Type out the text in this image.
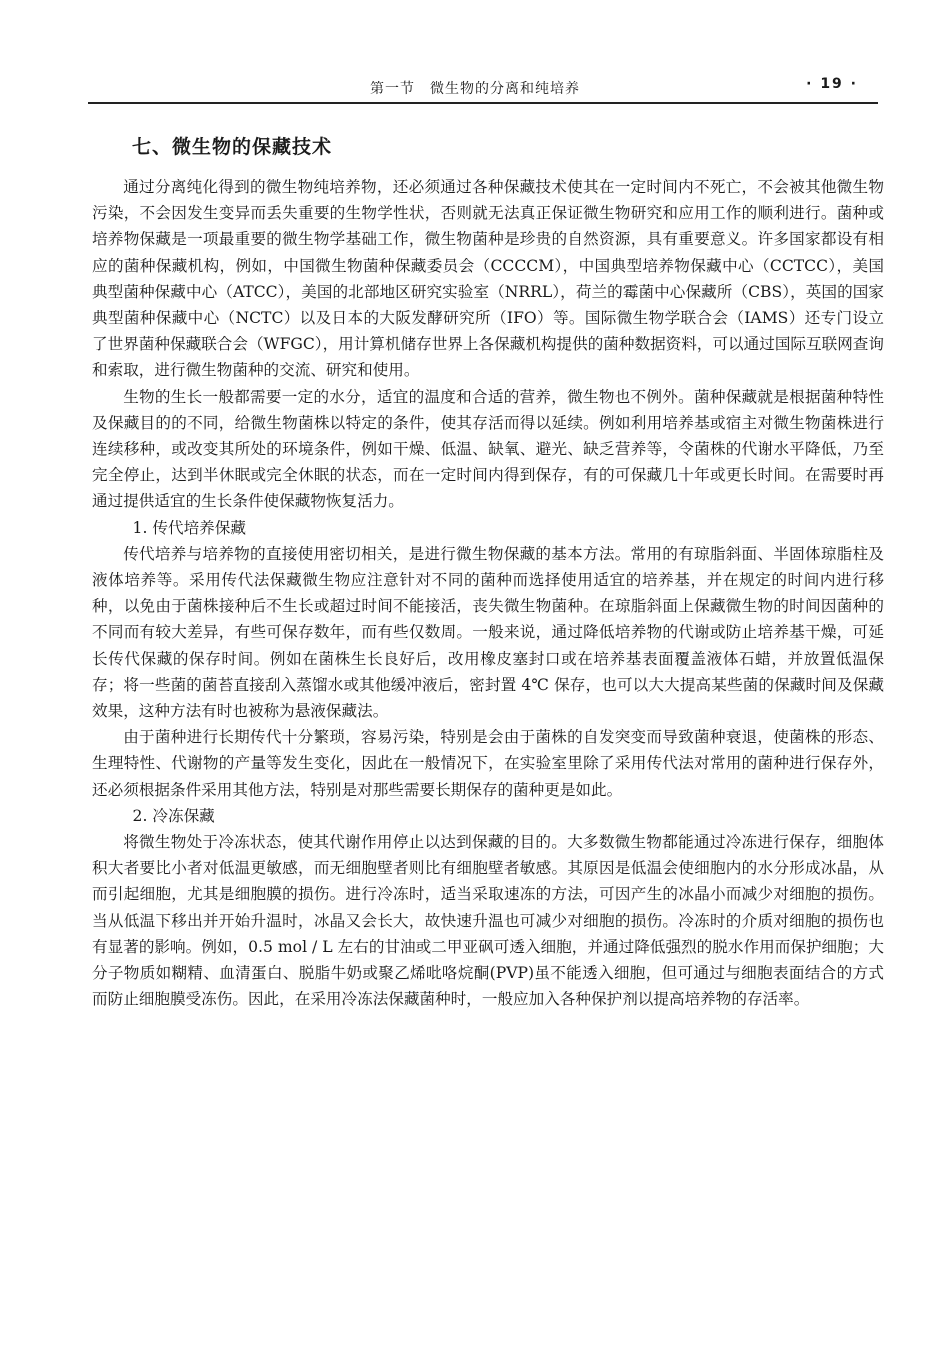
第一节　微生物的分离和纯培养	· 19 ·
七、微生物的保藏技术

通过分离纯化得到的微生物纯培养物，还必须通过各种保藏技术使其在一定时间内不死亡，不会被其他微生物污染，不会因发生变异而丢失重要的生物学性状，否则就无法真正保证微生物研究和应用工作的顺利进行。菌种或培养物保藏是一项最重要的微生物学基础工作，微生物菌种是珍贵的自然资源，具有重要意义。许多国家都设有相应的菌种保藏机构，例如，中国微生物菌种保藏委员会（CCCCM），中国典型培养物保藏中心（CCTCC），美国典型菌种保藏中心（ATCC），美国的北部地区研究实验室（NRRL），荷兰的霉菌中心保藏所（CBS），英国的国家典型菌种保藏中心（NCTC）以及日本的大阪发酵研究所（IFO）等。国际微生物学联合会（IAMS）还专门设立了世界菌种保藏联合会（WFGC），用计算机储存世界上各保藏机构提供的菌种数据资料，可以通过国际互联网查询和索取，进行微生物菌种的交流、研究和使用。

生物的生长一般都需要一定的水分，适宜的温度和合适的营养，微生物也不例外。菌种保藏就是根据菌种特性及保藏目的的不同，给微生物菌株以特定的条件，使其存活而得以延续。例如利用培养基或宿主对微生物菌株进行连续移种，或改变其所处的环境条件，例如干燥、低温、缺氧、避光、缺乏营养等，令菌株的代谢水平降低，乃至完全停止，达到半休眠或完全休眠的状态，而在一定时间内得到保存，有的可保藏几十年或更长时间。在需要时再通过提供适宜的生长条件使保藏物恢复活力。

1. 传代培养保藏

传代培养与培养物的直接使用密切相关，是进行微生物保藏的基本方法。常用的有琼脂斜面、半固体琼脂柱及液体培养等。采用传代法保藏微生物应注意针对不同的菌种而选择使用适宜的培养基，并在规定的时间内进行移种，以免由于菌株接种后不生长或超过时间不能接活，丧失微生物菌种。在琼脂斜面上保藏微生物的时间因菌种的不同而有较大差异，有些可保存数年，而有些仅数周。一般来说，通过降低培养物的代谢或防止培养基干燥，可延长传代保藏的保存时间。例如在菌株生长良好后，改用橡皮塞封口或在培养基表面覆盖液体石蜡，并放置低温保存；将一些菌的菌苔直接刮入蒸馏水或其他缓冲液后，密封置 4℃ 保存，也可以大大提高某些菌的保藏时间及保藏效果，这种方法有时也被称为悬液保藏法。

由于菌种进行长期传代十分繁琐，容易污染，特别是会由于菌株的自发突变而导致菌种衰退，使菌株的形态、生理特性、代谢物的产量等发生变化，因此在一般情况下，在实验室里除了采用传代法对常用的菌种进行保存外，还必须根据条件采用其他方法，特别是对那些需要长期保存的菌种更是如此。

2. 冷冻保藏

将微生物处于冷冻状态，使其代谢作用停止以达到保藏的目的。大多数微生物都能通过冷冻进行保存，细胞体积大者要比小者对低温更敏感，而无细胞壁者则比有细胞壁者敏感。其原因是低温会使细胞内的水分形成冰晶，从而引起细胞，尤其是细胞膜的损伤。进行冷冻时，适当采取速冻的方法，可因产生的冰晶小而减少对细胞的损伤。当从低温下移出并开始升温时，冰晶又会长大，故快速升温也可减少对细胞的损伤。冷冻时的介质对细胞的损伤也有显著的影响。例如，0.5 mol / L 左右的甘油或二甲亚砜可透入细胞，并通过降低强烈的脱水作用而保护细胞；大分子物质如糊精、血清蛋白、脱脂牛奶或聚乙烯吡咯烷酮(PVP)虽不能透入细胞，但可通过与细胞表面结合的方式而防止细胞膜受冻伤。因此，在采用冷冻法保藏菌种时，一般应加入各种保护剂以提高培养物的存活率。
